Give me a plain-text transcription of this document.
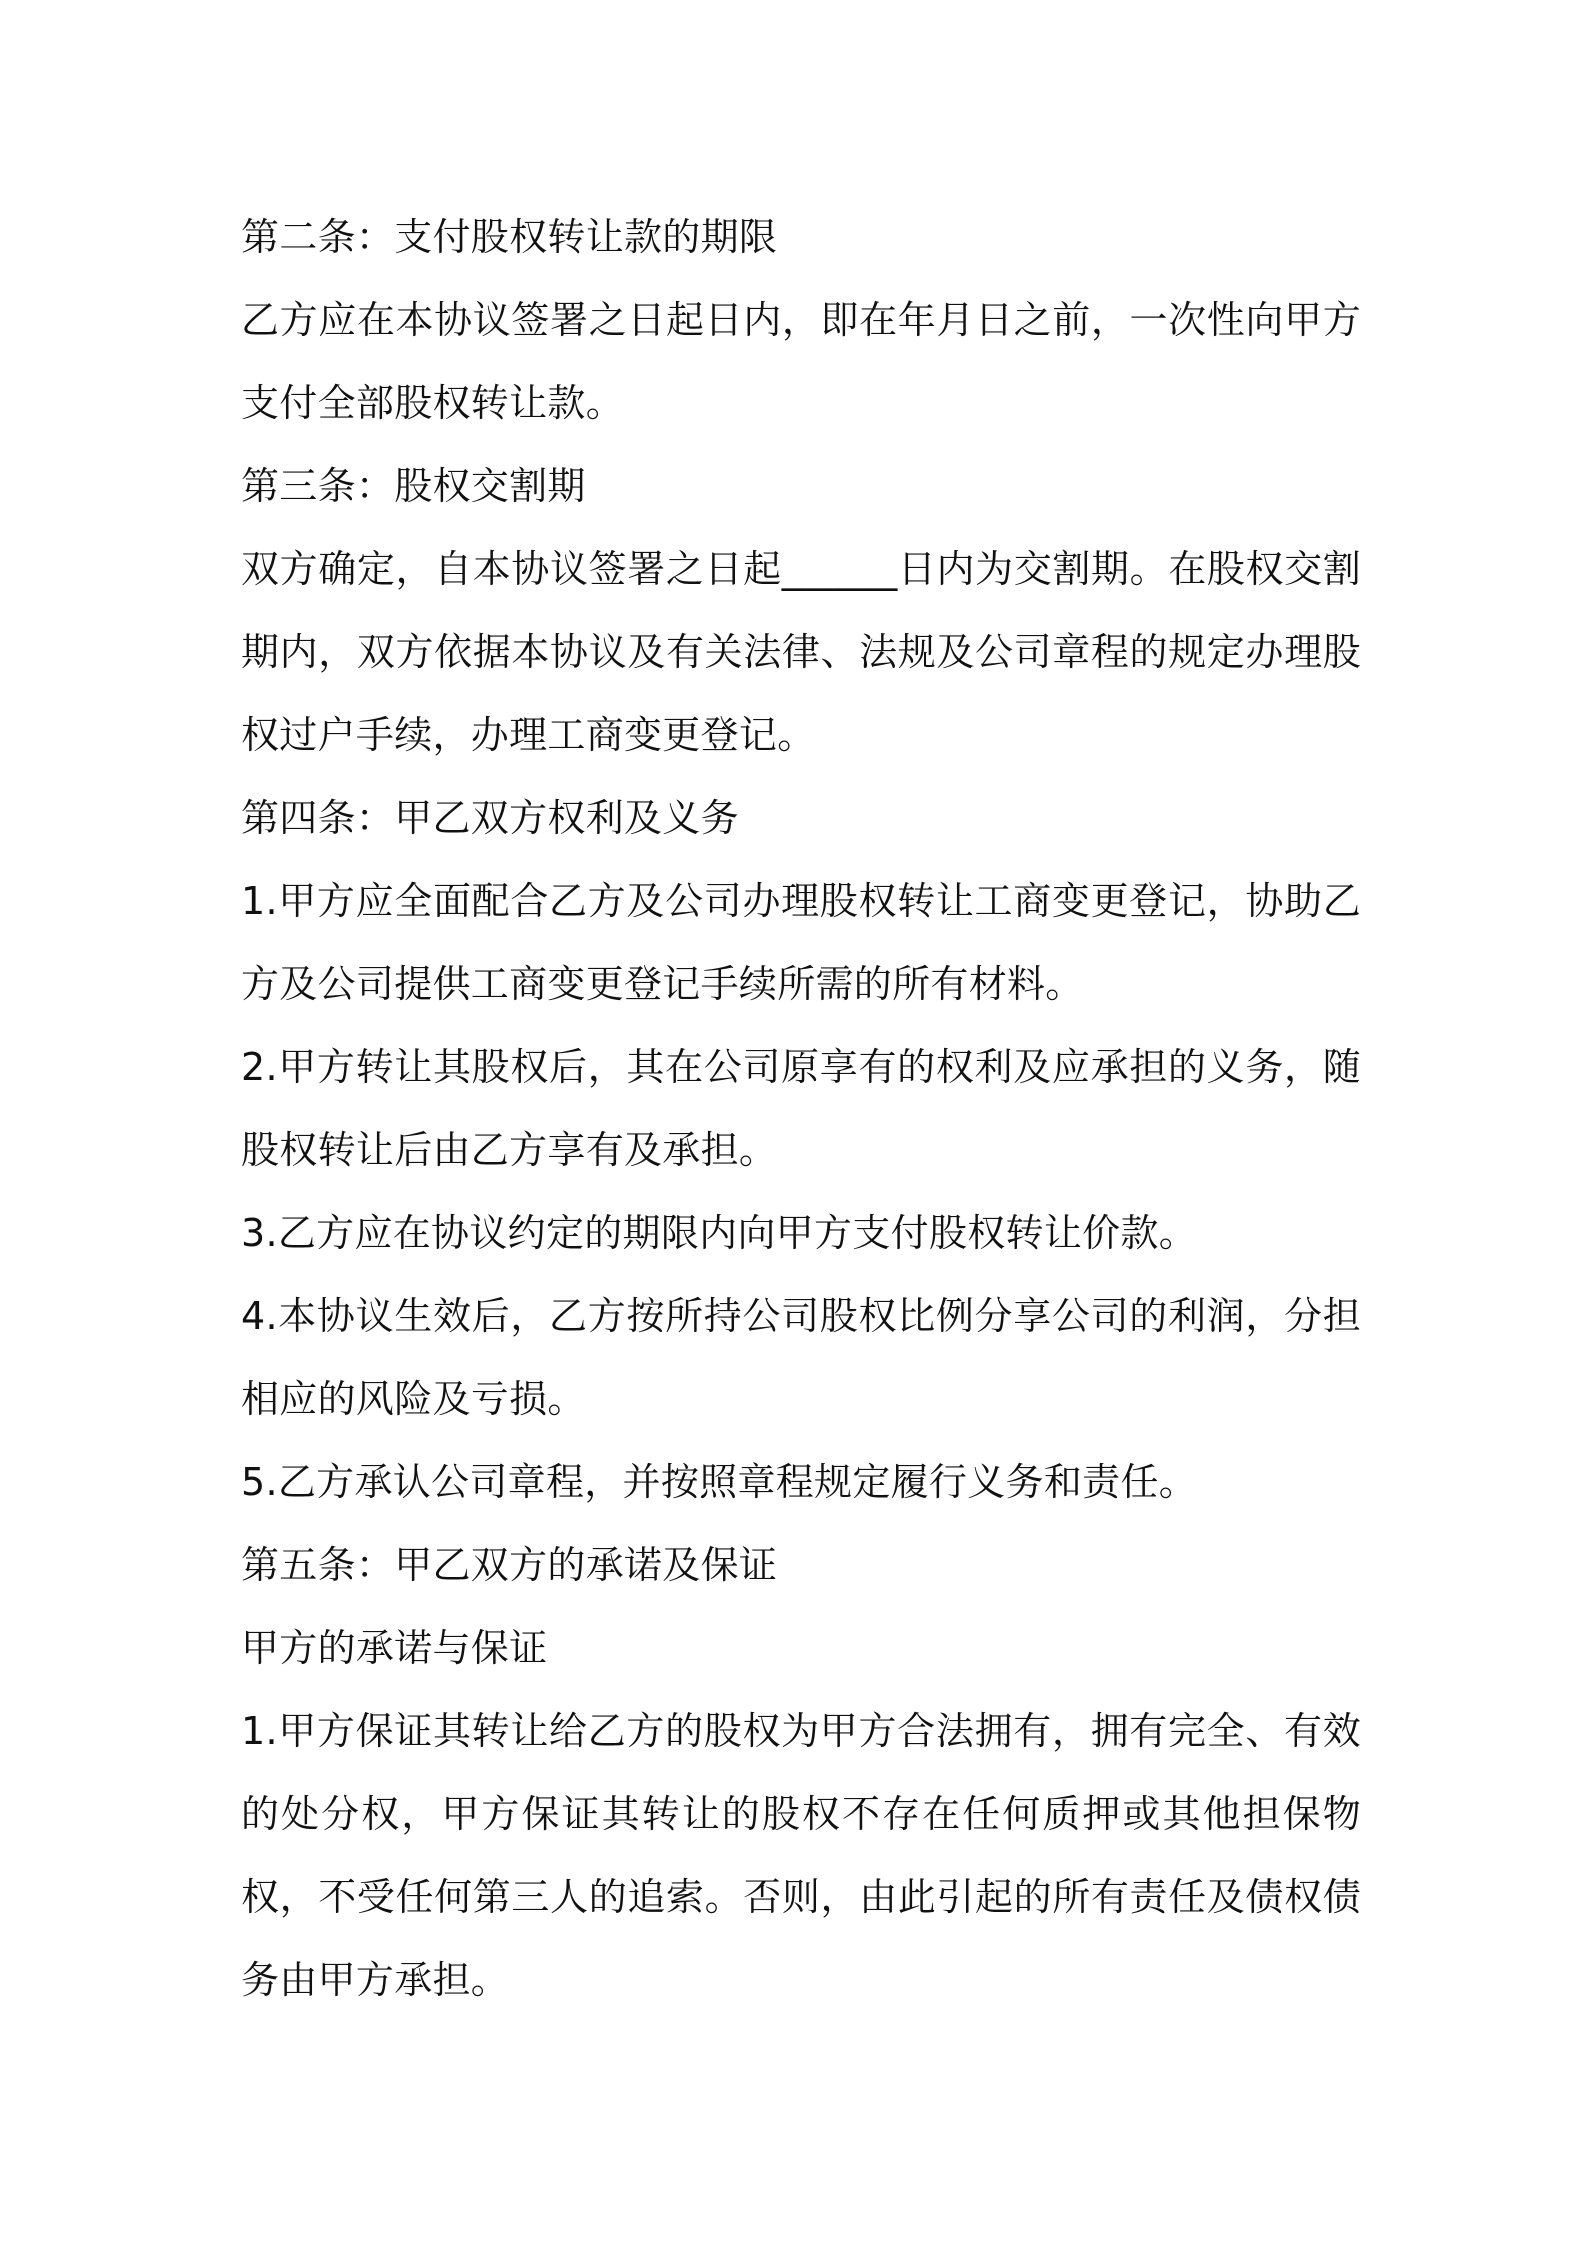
第二条：支付股权转让款的期限

乙方应在本协议签署之日起日内，即在年月日之前，一次性向甲方支付全部股权转让款。

第三条：股权交割期

双方确定，自本协议签署之日起______日内为交割期。在股权交割期内，双方依据本协议及有关法律、法规及公司章程的规定办理股权过户手续，办理工商变更登记。

第四条：甲乙双方权利及义务

1.甲方应全面配合乙方及公司办理股权转让工商变更登记，协助乙方及公司提供工商变更登记手续所需的所有材料。

2.甲方转让其股权后，其在公司原享有的权利及应承担的义务，随股权转让后由乙方享有及承担。

3.乙方应在协议约定的期限内向甲方支付股权转让价款。

4.本协议生效后，乙方按所持公司股权比例分享公司的利润，分担相应的风险及亏损。

5.乙方承认公司章程，并按照章程规定履行义务和责任。

第五条：甲乙双方的承诺及保证

甲方的承诺与保证

1.甲方保证其转让给乙方的股权为甲方合法拥有，拥有完全、有效的处分权，甲方保证其转让的股权不存在任何质押或其他担保物权，不受任何第三人的追索。否则，由此引起的所有责任及债权债务由甲方承担。
